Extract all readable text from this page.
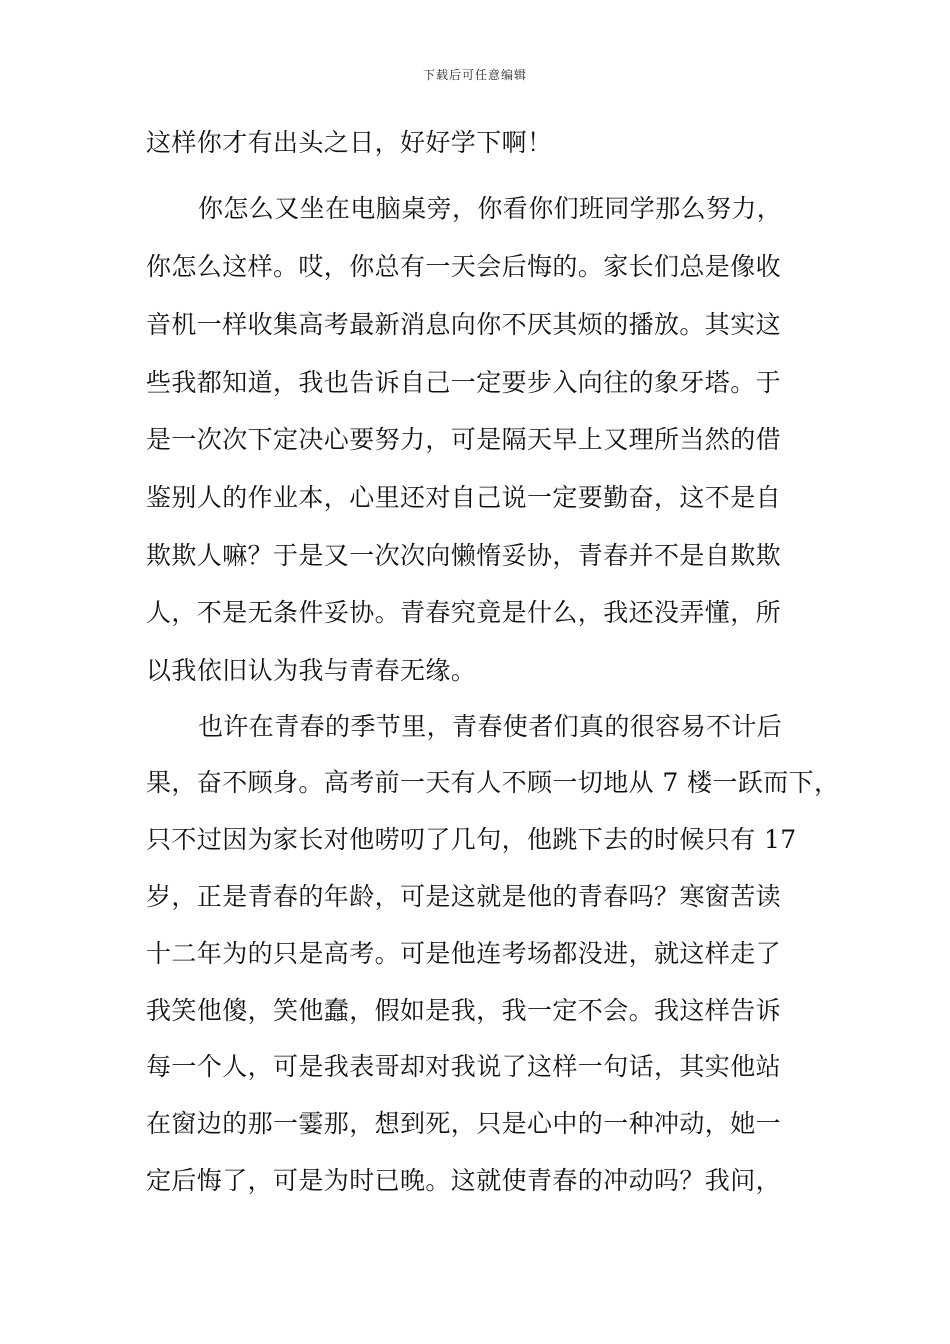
下载后可任意编辑
这样你才有出头之日，好好学下啊！
你怎么又坐在电脑桌旁，你看你们班同学那么努力，
你怎么这样。哎，你总有一天会后悔的。家长们总是像收
音机一样收集高考最新消息向你不厌其烦的播放。其实这
些我都知道，我也告诉自己一定要步入向往的象牙塔。于
是一次次下定决心要努力，可是隔天早上又理所当然的借
鉴别人的作业本，心里还对自己说一定要勤奋，这不是自
欺欺人嘛？于是又一次次向懒惰妥协，青春并不是自欺欺
人，不是无条件妥协。青春究竟是什么，我还没弄懂，所
以我依旧认为我与青春无缘。
也许在青春的季节里，青春使者们真的很容易不计后
果，奋不顾身。高考前一天有人不顾一切地从 7 楼一跃而下，
只不过因为家长对他唠叨了几句，他跳下去的时候只有 17
岁，正是青春的年龄，可是这就是他的青春吗？寒窗苦读
十二年为的只是高考。可是他连考场都没进，就这样走了
我笑他傻，笑他蠢，假如是我，我一定不会。我这样告诉
每一个人，可是我表哥却对我说了这样一句话，其实他站
在窗边的那一霎那，想到死，只是心中的一种冲动，她一
定后悔了，可是为时已晚。这就使青春的冲动吗？我问，
